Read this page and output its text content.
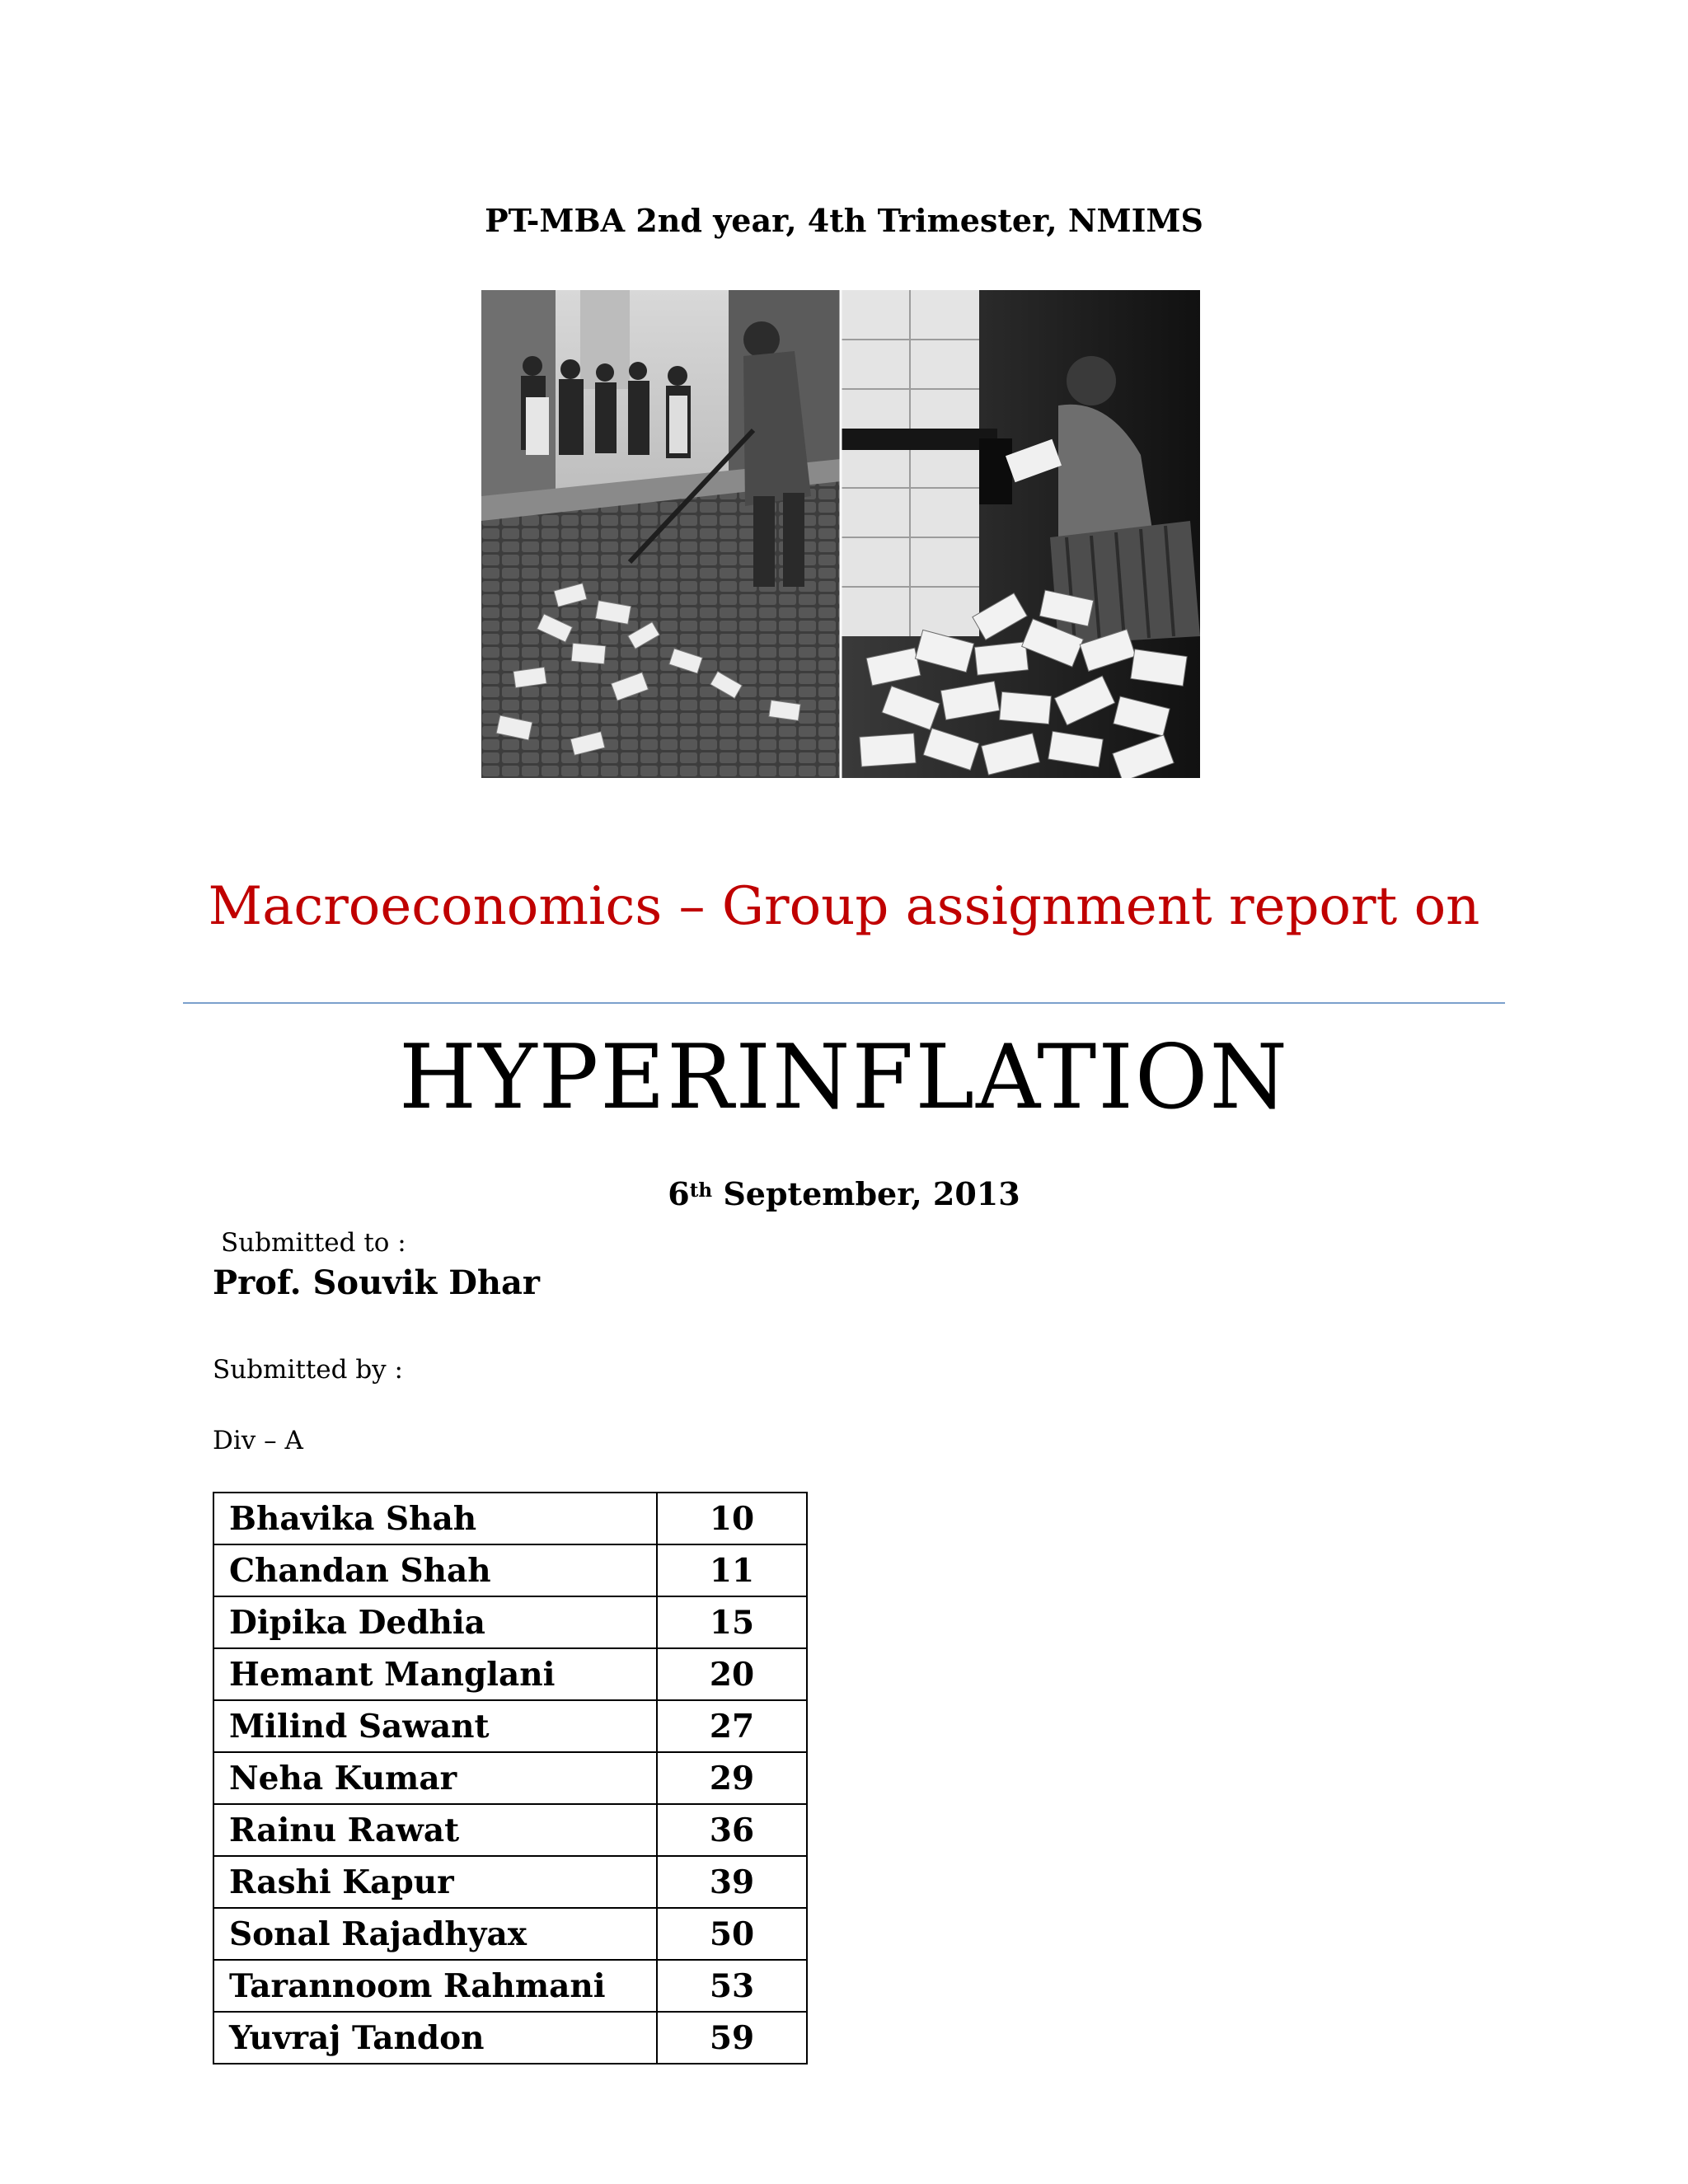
PT-MBA 2nd year, 4th Trimester, NMIMS
Macroeconomics – Group assignment report on
HYPERINFLATION
6th September, 2013
Submitted to :
Prof. Souvik Dhar
Submitted by :
Div – A
Bhavika Shah	10
Chandan Shah	11
Dipika Dedhia	15
Hemant Manglani	20
Milind Sawant	27
Neha Kumar	29
Rainu Rawat	36
Rashi Kapur	39
Sonal Rajadhyax	50
Tarannoom Rahmani	53
Yuvraj Tandon	59
